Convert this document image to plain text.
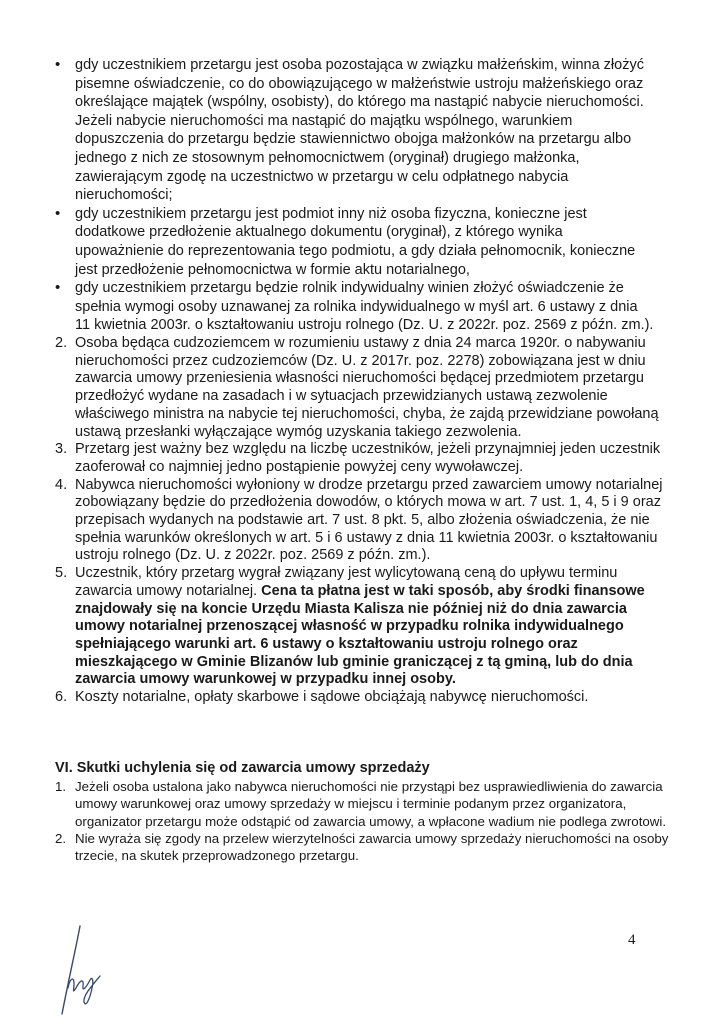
• gdy uczestnikiem przetargu jest osoba pozostająca w związku małżeńskim, winna złożyć pisemne oświadczenie, co do obowiązującego w małżeństwie ustroju małżeńskiego oraz określające majątek (wspólny, osobisty), do którego ma nastąpić nabycie nieruchomości. Jeżeli nabycie nieruchomości ma nastąpić do majątku wspólnego, warunkiem dopuszczenia do przetargu będzie stawiennictwo obojga małżonków na przetargu albo jednego z nich ze stosownym pełnomocnictwem (oryginał) drugiego małżonka, zawierającym zgodę na uczestnictwo w przetargu w celu odpłatnego nabycia nieruchomości;
• gdy uczestnikiem przetargu jest podmiot inny niż osoba fizyczna, konieczne jest dodatkowe przedłożenie aktualnego dokumentu (oryginał), z którego wynika upoważnienie do reprezentowania tego podmiotu, a gdy działa pełnomocnik, konieczne jest przedłożenie pełnomocnictwa w formie aktu notarialnego,
• gdy uczestnikiem przetargu będzie rolnik indywidualny winien złożyć oświadczenie że spełnia wymogi osoby uznawanej za rolnika indywidualnego w myśl art. 6 ustawy z dnia 11 kwietnia 2003r. o kształtowaniu ustroju rolnego (Dz. U. z 2022r. poz. 2569 z późn. zm.).
2. Osoba będąca cudzoziemcem w rozumieniu ustawy z dnia 24 marca 1920r. o nabywaniu nieruchomości przez cudzoziemców (Dz. U. z 2017r. poz. 2278) zobowiązana jest w dniu zawarcia umowy przeniesienia własności nieruchomości będącej przedmiotem przetargu przedłożyć wydane na zasadach i w sytuacjach przewidzianych ustawą zezwolenie właściwego ministra na nabycie tej nieruchomości, chyba, że zajdą przewidziane powołaną ustawą przesłanki wyłączające wymóg uzyskania takiego zezwolenia.
3. Przetarg jest ważny bez względu na liczbę uczestników, jeżeli przynajmniej jeden uczestnik zaoferował co najmniej jedno postąpienie powyżej ceny wywoławczej.
4. Nabywca nieruchomości wyłoniony w drodze przetargu przed zawarciem umowy notarialnej zobowiązany będzie do przedłożenia dowodów, o których mowa w art. 7 ust. 1, 4, 5 i 9 oraz przepisach wydanych na podstawie art. 7 ust. 8 pkt. 5, albo złożenia oświadczenia, że nie spełnia warunków określonych w art. 5 i 6 ustawy z dnia 11 kwietnia 2003r. o kształtowaniu ustroju rolnego (Dz. U. z 2022r. poz. 2569 z późn. zm.).
5. Uczestnik, który przetarg wygrał związany jest wylicytowaną ceną do upływu terminu zawarcia umowy notarialnej. Cena ta płatna jest w taki sposób, aby środki finansowe znajdowały się na koncie Urzędu Miasta Kalisza nie później niż do dnia zawarcia umowy notarialnej przenoszącej własność w przypadku rolnika indywidualnego spełniającego warunki art. 6 ustawy o kształtowaniu ustroju rolnego oraz mieszkającego w Gminie Blizanów lub gminie graniczącej z tą gminą, lub do dnia zawarcia umowy warunkowej w przypadku innej osoby.
6. Koszty notarialne, opłaty skarbowe i sądowe obciążają nabywcę nieruchomości.
VI. Skutki uchylenia się od zawarcia umowy sprzedaży
1. Jeżeli osoba ustalona jako nabywca nieruchomości nie przystąpi bez usprawiedliwienia do zawarcia umowy warunkowej oraz umowy sprzedaży w miejscu i terminie podanym przez organizatora, organizator przetargu może odstąpić od zawarcia umowy, a wpłacone wadium nie podlega zwrotowi.
2. Nie wyraża się zgody na przelew wierzytelności zawarcia umowy sprzedaży nieruchomości na osoby trzecie, na skutek przeprowadzonego przetargu.
4
